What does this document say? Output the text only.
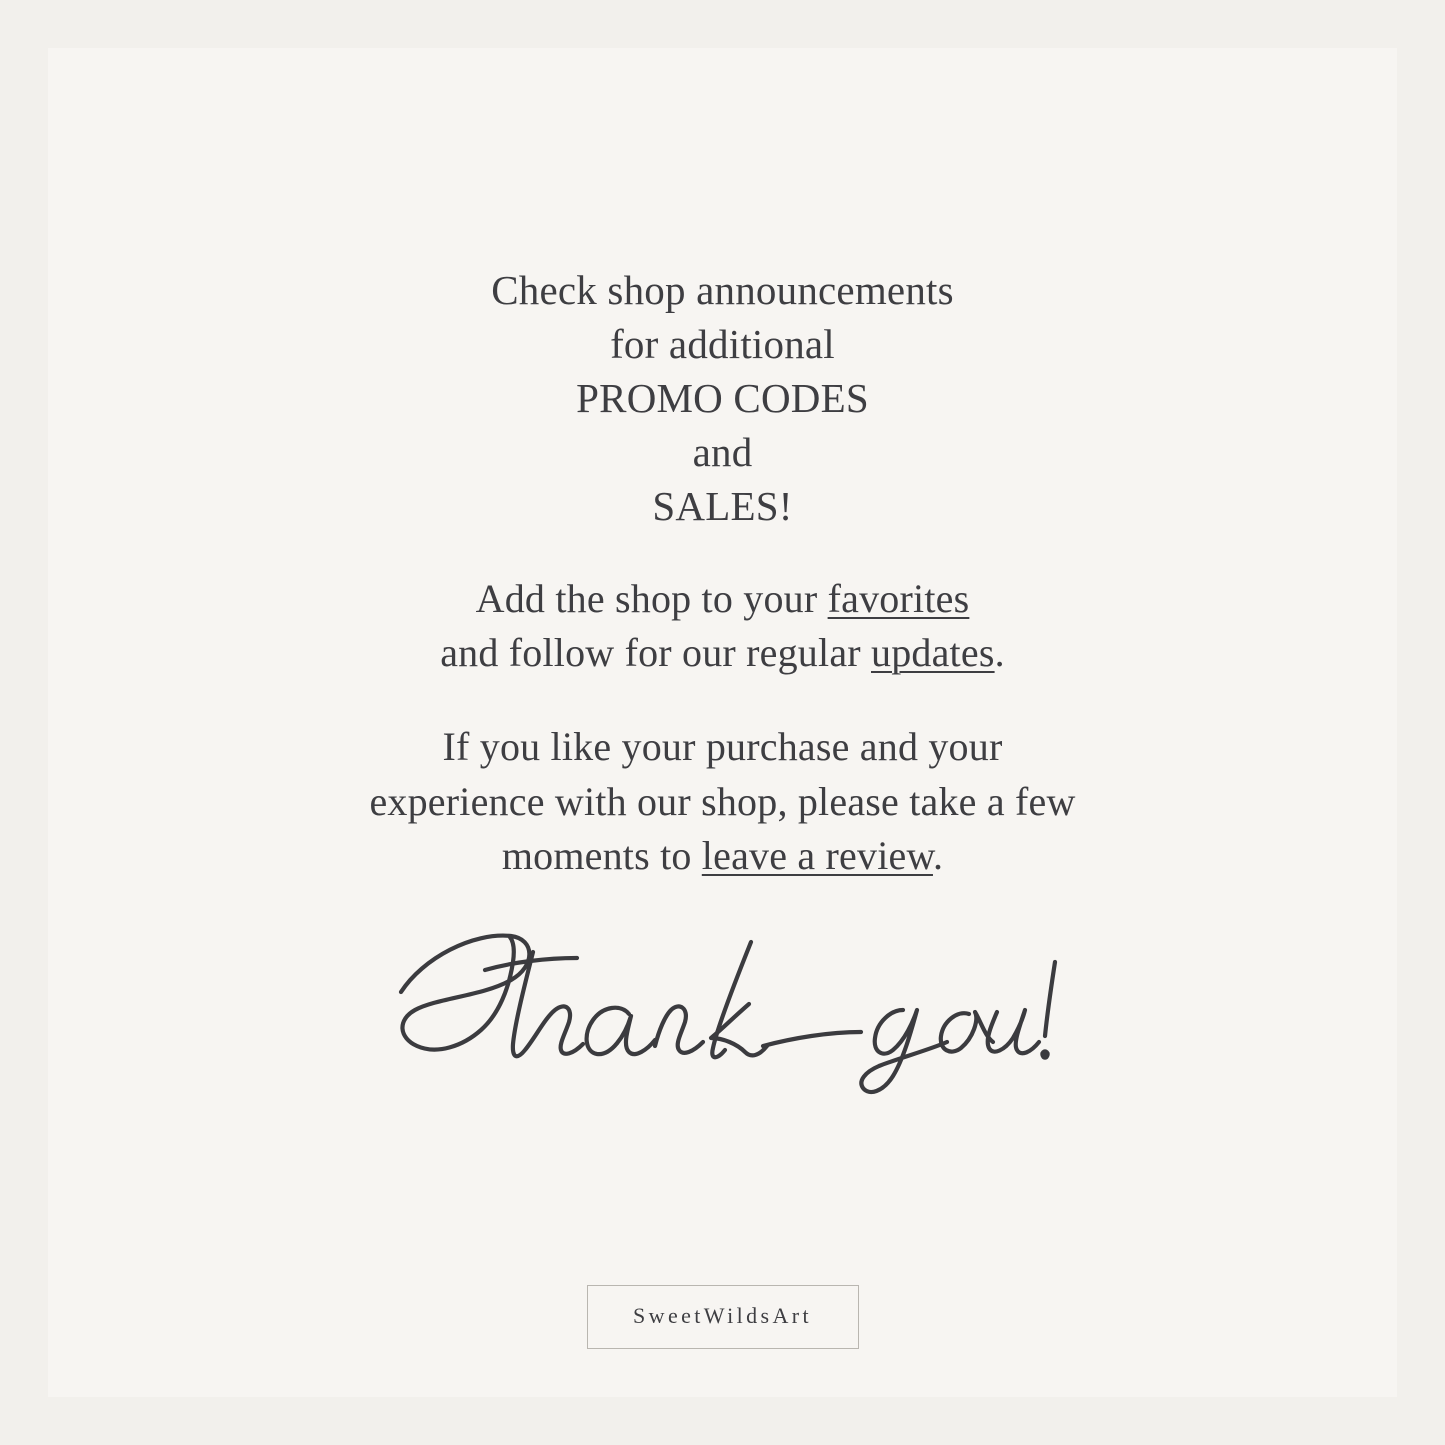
Check shop announcements
for additional
PROMO CODES
and
SALES!
Add the shop to your favorites
and follow for our regular updates.
If you like your purchase and your
experience with our shop, please take a few
moments to leave a review.
SweetWildsArt
